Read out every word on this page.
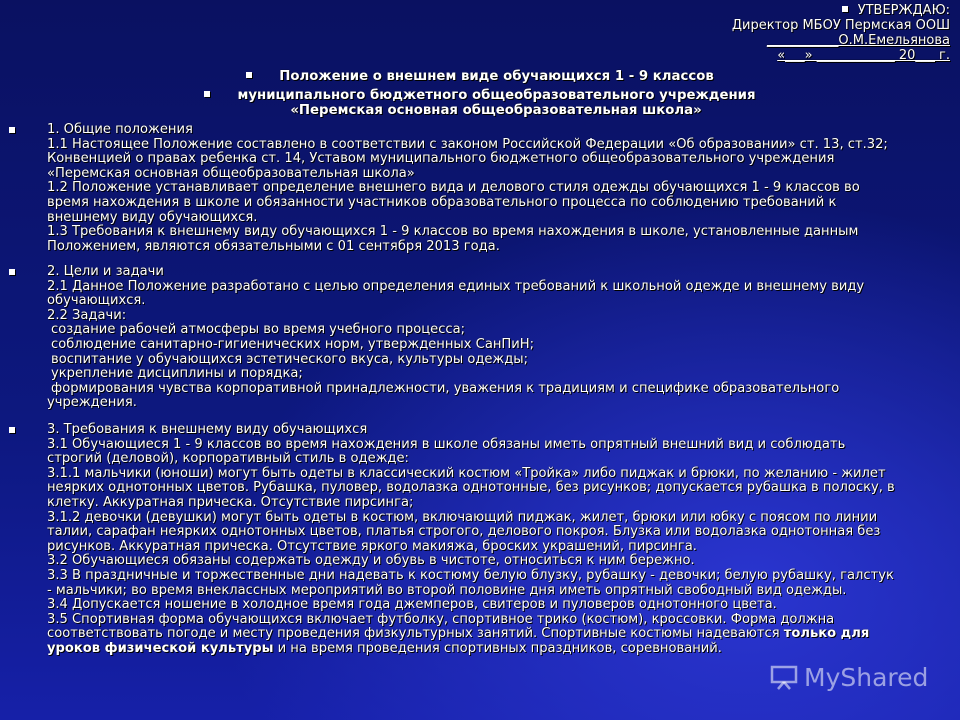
УТВЕРЖДАЮ:
Директор МБОУ Пермская ООШ
___________О.М.Емельянова
«___» ____________ 20___ г.
Положение о внешнем виде обучающихся 1 - 9 классов
муниципального бюджетного общеобразовательного учреждения
«Перемская основная общеобразовательная школа»

1. Общие положения

1.1 Настоящее Положение составлено в соответствии с законом Российской Федерации «Об образовании» ст. 13, ст.32;

Конвенцией о правах ребенка ст. 14, Уставом муниципального бюджетного общеобразовательного учреждения

«Перемская основная общеобразовательная школа»

1.2 Положение устанавливает определение внешнего вида и делового стиля одежды обучающихся 1 - 9 классов во

время нахождения в школе и обязанности участников образовательного процесса по соблюдению требований к

внешнему виду обучающихся.

1.3 Требования к внешнему виду обучающихся 1 - 9 классов во время нахождения в школе, установленные данным

Положением, являются обязательными с 01 сентября 2013 года.

2. Цели и задачи

2.1 Данное Положение разработано с целью определения единых требований к школьной одежде и внешнему виду

обучающихся.

2.2 Задачи:

создание рабочей атмосферы во время учебного процесса;

соблюдение санитарно-гигиенических норм, утвержденных СанПиН;

воспитание у обучающихся эстетического вкуса, культуры одежды;

укрепление дисциплины и порядка;

формирования чувства корпоративной принадлежности, уважения к традициям и специфике образовательного

учреждения.

3. Требования к внешнему виду обучающихся

3.1 Обучающиеся 1 - 9 классов во время нахождения в школе обязаны иметь опрятный внешний вид и соблюдать

строгий (деловой), корпоративный стиль в одежде:

3.1.1 мальчики (юноши) могут быть одеты в классический костюм «Тройка» либо пиджак и брюки, по желанию - жилет

неярких однотонных цветов. Рубашка, пуловер, водолазка однотонные, без рисунков; допускается рубашка в полоску, в

клетку. Аккуратная прическа. Отсутствие пирсинга;

3.1.2 девочки (девушки) могут быть одеты в костюм, включающий пиджак, жилет, брюки или юбку с поясом по линии

талии, сарафан неярких однотонных цветов, платья строгого, делового покроя. Блузка или водолазка однотонная без

рисунков. Аккуратная прическа. Отсутствие яркого макияжа, броских украшений, пирсинга.

3.2 Обучающиеся обязаны содержать одежду и обувь в чистоте, относиться к ним бережно.

3.3 В праздничные и торжественные дни надевать к костюму белую блузку, рубашку - девочки; белую рубашку, галстук

- мальчики; во время внеклассных мероприятий во второй половине дня иметь опрятный свободный вид одежды.

3.4 Допускается ношение в холодное время года джемперов, свитеров и пуловеров однотонного цвета.

3.5 Спортивная форма обучающихся включает футболку, спортивное трико (костюм), кроссовки. Форма должна

соответствовать погоде и месту проведения физкультурных занятий. Спортивные костюмы надеваются только для

уроков физической культуры и на время проведения спортивных праздников, соревнований.

MyShared
